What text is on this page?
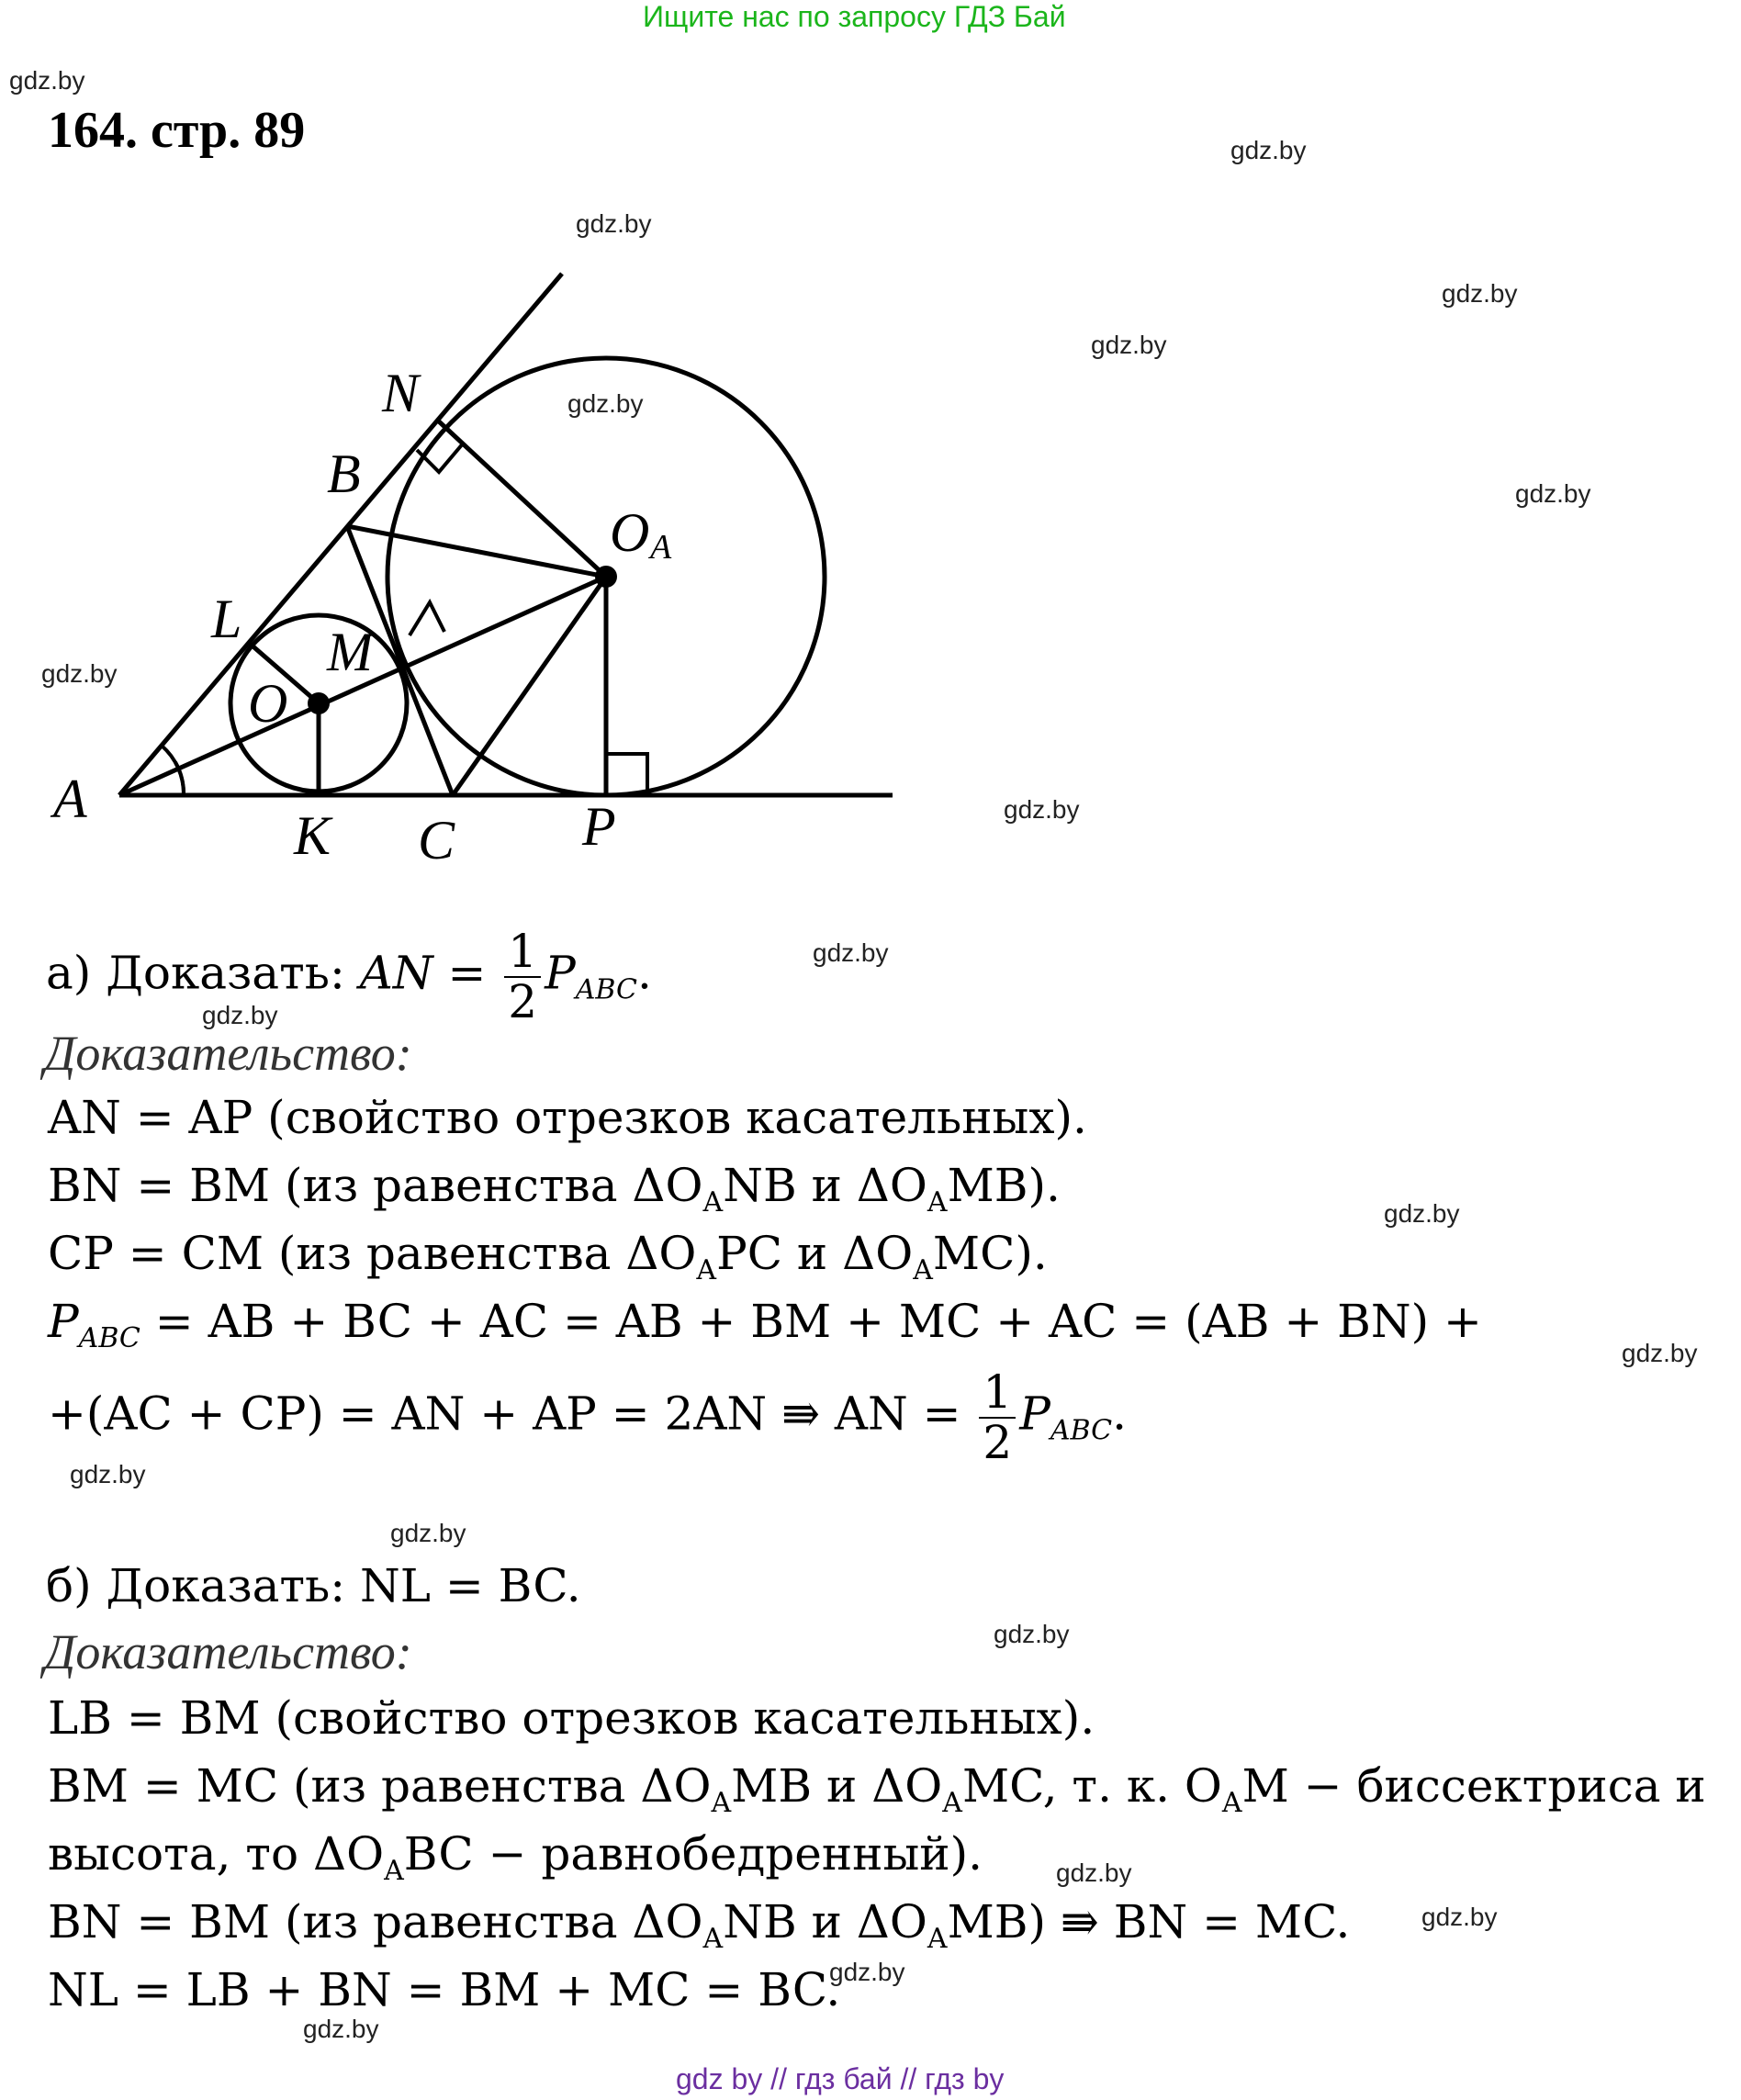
Ищите нас по запросу ГДЗ Бай
164. стр. 89
gdz.by
gdz.by
gdz.by
gdz.by
gdz.by
gdz.by
gdz.by
gdz.by
gdz.by
gdz.by
gdz.by
gdz.by
gdz.by
gdz.by
gdz.by
gdz.by
gdz.by
gdz.by
gdz.by
gdz.by
N
B
O A
L
M
O
A
K C P
а) Доказать: AN = $\frac{1}{2} P_{ABC}$.
Доказательство:
AN = AP (свойство отрезков касательных).
BN = BM (из равенства $\Delta O_ANB$ и $\Delta O_AMB$).
CP = CM (из равенства $\Delta O_APC$ и $\Delta O_AMC$).
$P_{ABC}$ = AB + BC + AC = AB + BM + MC + AC = (AB + BN) +
+(AC + CP) = AN + AP = 2AN ⇛ AN = $\frac{1}{2} P_{ABC}$.
б) Доказать: NL = BC.
Доказательство:
LB = BM (свойство отрезков касательных).
BM = MC (из равенства $\Delta O_AMB$ и $\Delta O_AMC$, т. к. $O_AM$ − биссектриса и
высота, то $\Delta O_ABC$ − равнобедренный).
BN = BM (из равенства $\Delta O_ANB$ и $\Delta O_AMB$) ⇛ BN = MC.
NL = LB + BN = BM + MC = BC.
gdz by // гдз бай // гдз by
